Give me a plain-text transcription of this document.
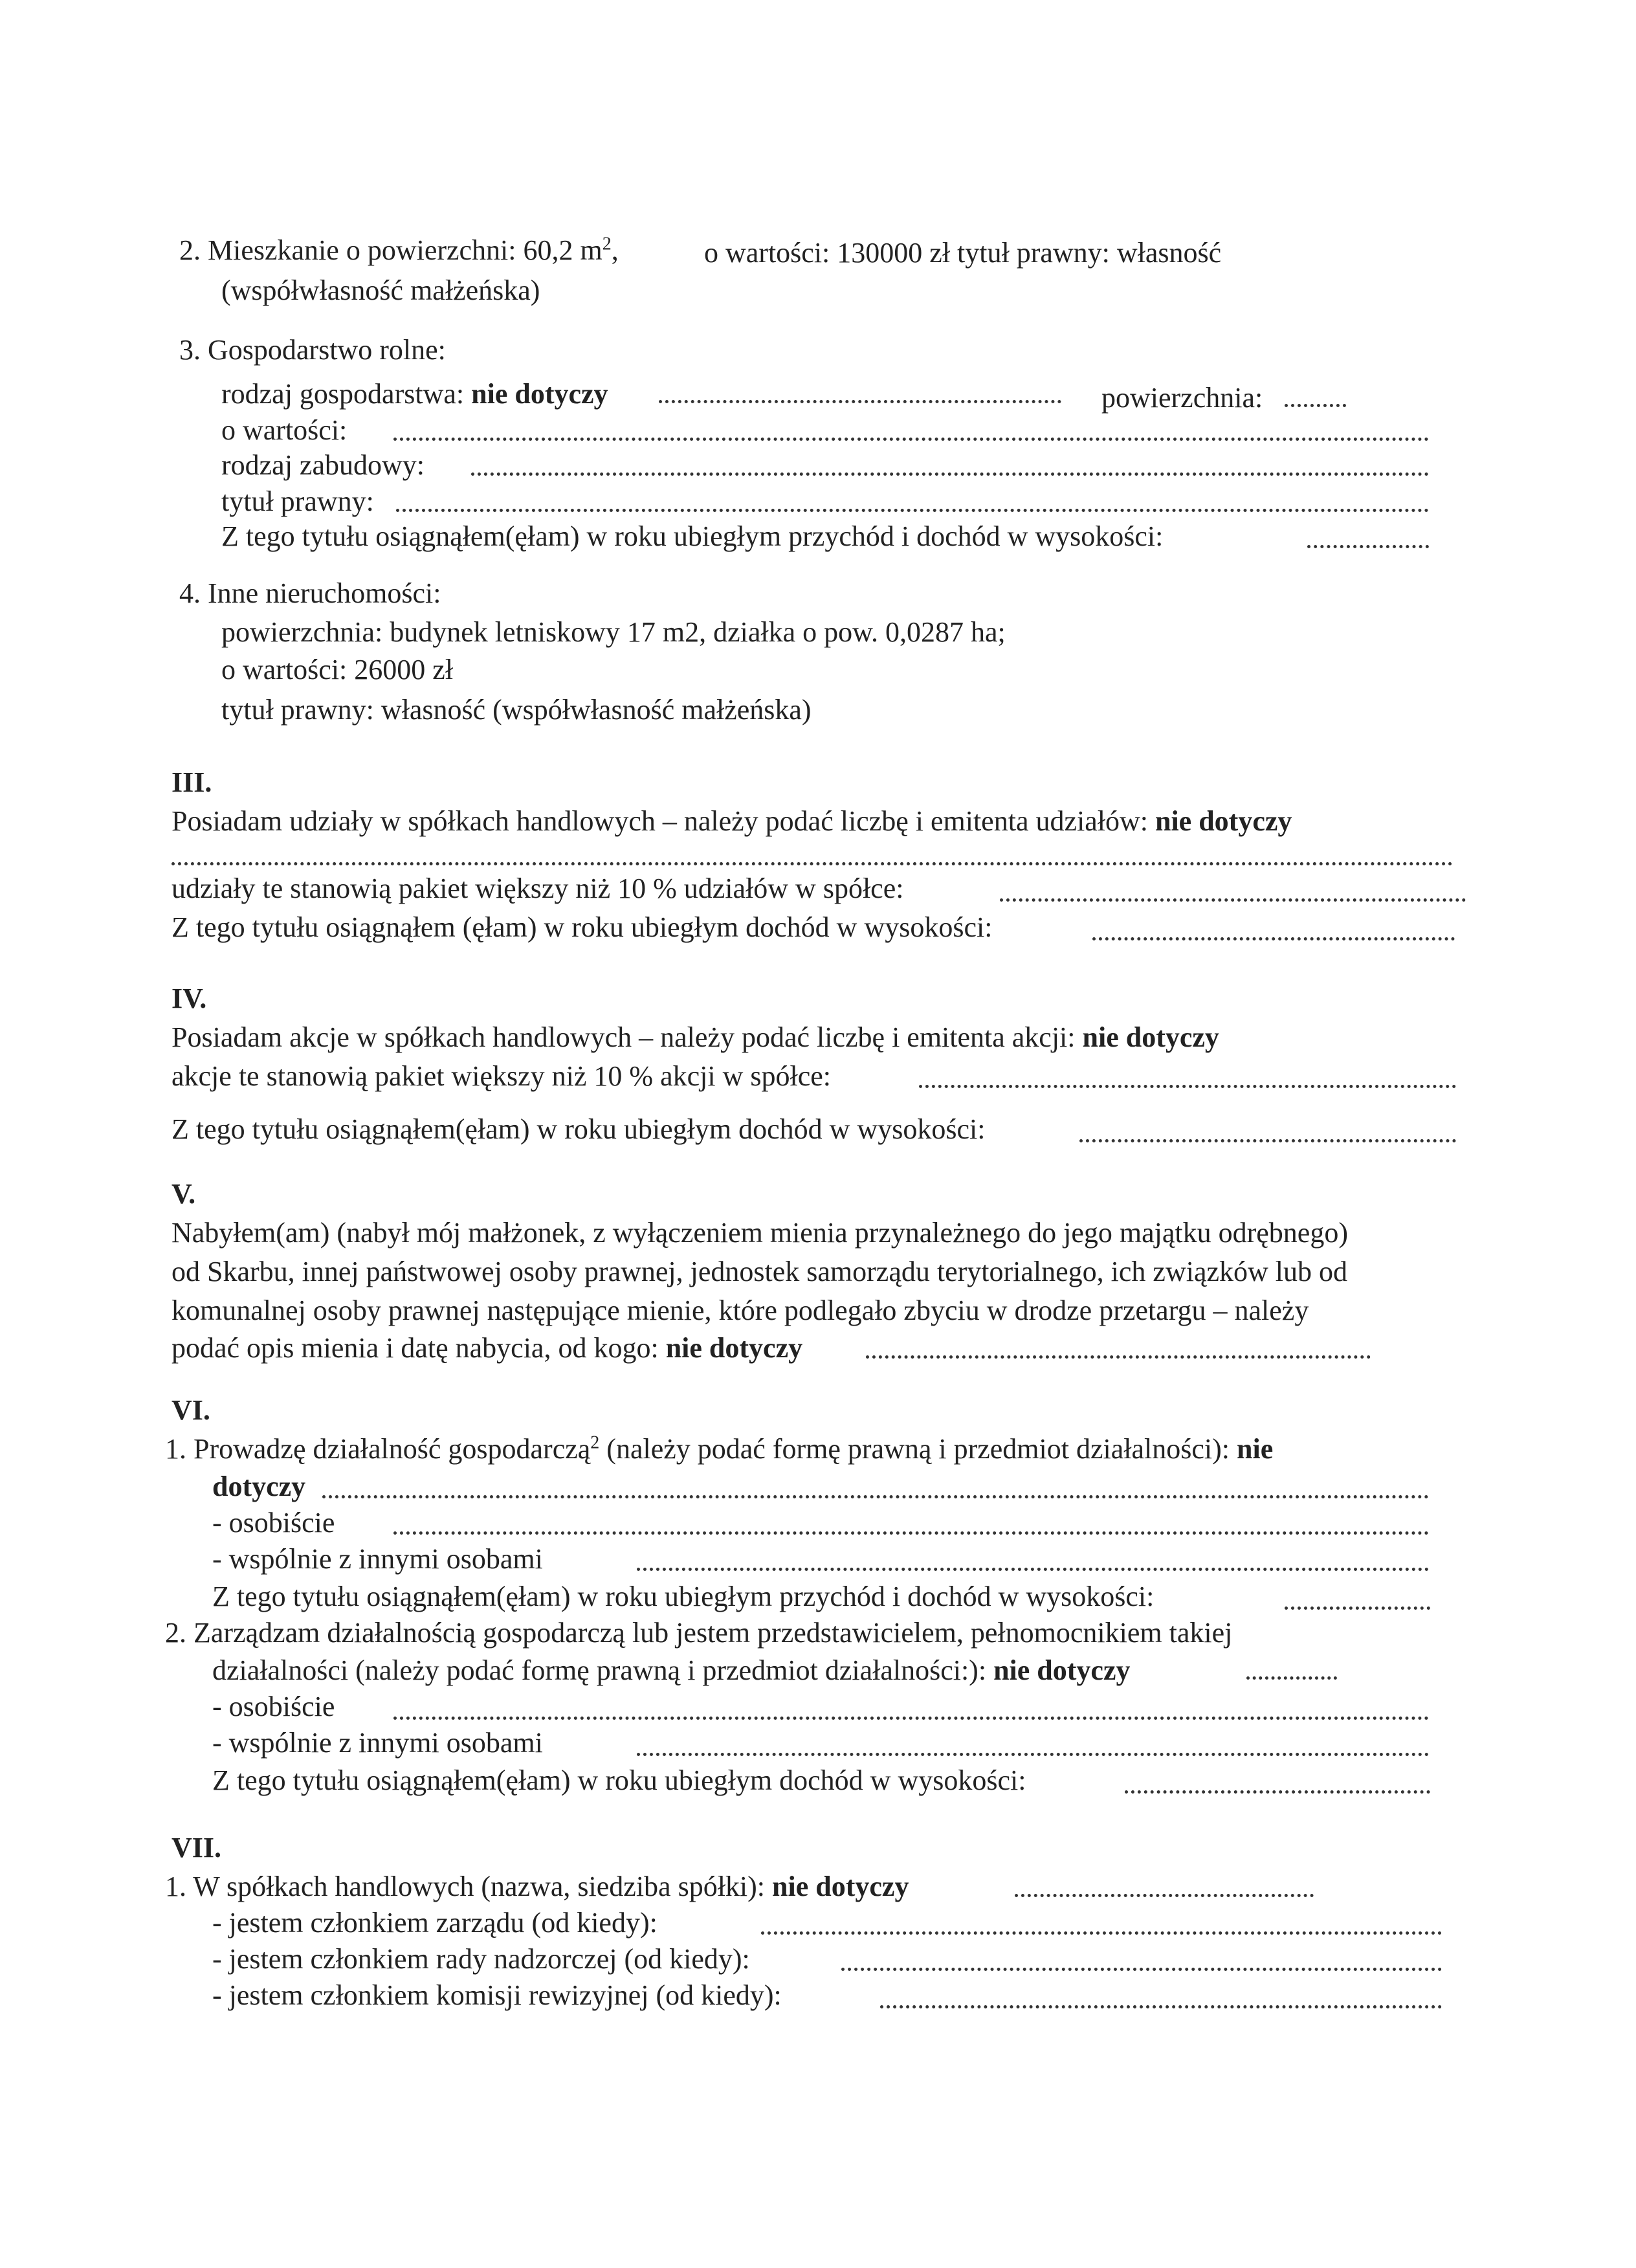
2. Mieszkanie o powierzchni: 60,2 $m^2$,	o wartości: 130000 zł tytuł prawny: własność
(współwłasność małżeńska)
3. Gospodarstwo rolne:
rodzaj gospodarstwa: nie dotyczy	powierzchnia:
o wartości:
rodzaj zabudowy:
tytuł prawny:
Z tego tytułu osiągnąłem(ęłam) w roku ubiegłym przychód i dochód w wysokości:
4. Inne nieruchomości:
powierzchnia: budynek letniskowy 17 m2, działka o pow. 0,0287 ha;
o wartości: 26000 zł
tytuł prawny: własność (współwłasność małżeńska)
III.
Posiadam udziały w spółkach handlowych – należy podać liczbę i emitenta udziałów: nie dotyczy
udziały te stanowią pakiet większy niż 10 % udziałów w spółce:
Z tego tytułu osiągnąłem (ęłam) w roku ubiegłym dochód w wysokości:
IV.
Posiadam akcje w spółkach handlowych – należy podać liczbę i emitenta akcji: nie dotyczy
akcje te stanowią pakiet większy niż 10 % akcji w spółce:
Z tego tytułu osiągnąłem(ęłam) w roku ubiegłym dochód w wysokości:
V.
Nabyłem(am) (nabył mój małżonek, z wyłączeniem mienia przynależnego do jego majątku odrębnego)
od Skarbu, innej państwowej osoby prawnej, jednostek samorządu terytorialnego, ich związków lub od
komunalnej osoby prawnej następujące mienie, które podlegało zbyciu w drodze przetargu – należy
podać opis mienia i datę nabycia, od kogo: nie dotyczy
VI.
1. Prowadzę działalność gospodarczą$^2$ (należy podać formę prawną i przedmiot działalności): nie
dotyczy
- osobiście
- wspólnie z innymi osobami
Z tego tytułu osiągnąłem(ęłam) w roku ubiegłym przychód i dochód w wysokości:
2. Zarządzam działalnością gospodarczą lub jestem przedstawicielem, pełnomocnikiem takiej
działalności (należy podać formę prawną i przedmiot działalności:): nie dotyczy
- osobiście
- wspólnie z innymi osobami
Z tego tytułu osiągnąłem(ęłam) w roku ubiegłym dochód w wysokości:
VII.
1. W spółkach handlowych (nazwa, siedziba spółki): nie dotyczy
- jestem członkiem zarządu (od kiedy):
- jestem członkiem rady nadzorczej (od kiedy):
- jestem członkiem komisji rewizyjnej (od kiedy):
